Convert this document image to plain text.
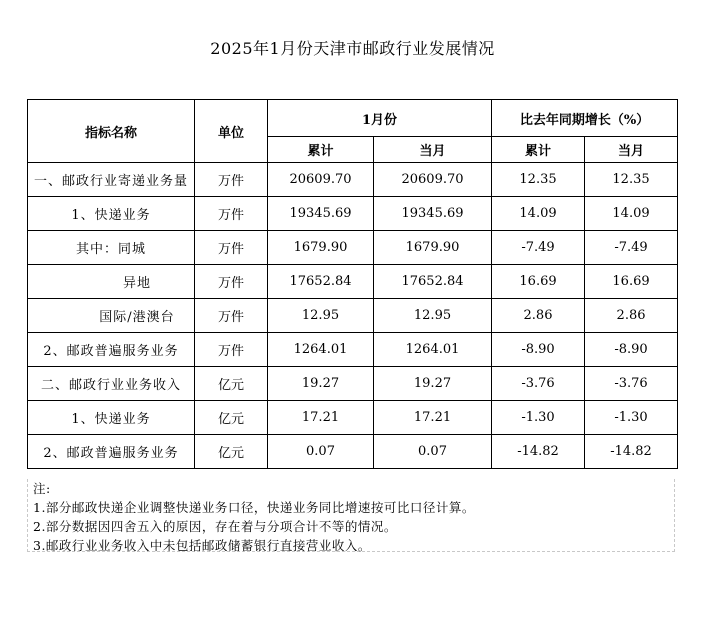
2025年1月份天津市邮政行业发展情况
指标名称	单位	1月份		比去年同期增长（%）	
		累计	当月	累计	当月
一、邮政行业寄递业务量	万件	20609.70	20609.70	12.35	12.35
1、快递业务	万件	19345.69	19345.69	14.09	14.09
其中：同城	万件	1679.90	1679.90	-7.49	-7.49
异地	万件	17652.84	17652.84	16.69	16.69
国际/港澳台	万件	12.95	12.95	2.86	2.86
2、邮政普遍服务业务	万件	1264.01	1264.01	-8.90	-8.90
二、邮政行业业务收入	亿元	19.27	19.27	-3.76	-3.76
1、快递业务	亿元	17.21	17.21	-1.30	-1.30
2、邮政普遍服务业务	亿元	0.07	0.07	-14.82	-14.82
注:
1.部分邮政快递企业调整快递业务口径，快递业务同比增速按可比口径计算。
2.部分数据因四舍五入的原因，存在着与分项合计不等的情况。
3.邮政行业业务收入中未包括邮政储蓄银行直接营业收入。
